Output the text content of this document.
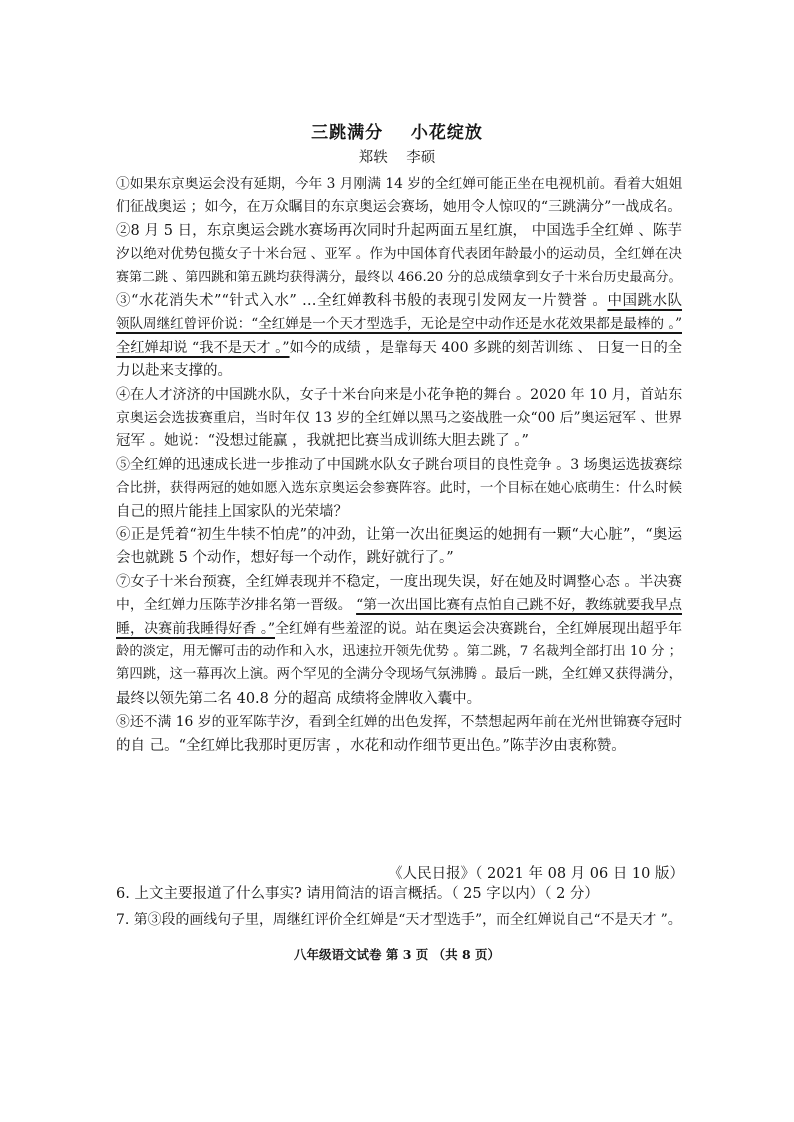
三跳满分    小花绽放
郑轶    李硕
①如果东京奥运会没有延期，今年 3 月刚满 14 岁的全红婵可能正坐在电视机前。看着大姐姐
们征战奥运 ；如今，在万众瞩目的东京奥运会赛场，她用令人惊叹的“三跳满分”一战成名。
②8 月 5 日，东京奥运会跳水赛场再次同时升起两面五星红旗， 中国选手全红婵 、陈芋
汐以绝对优势包揽女子十米台冠 、亚军 。作为中国体育代表团年龄最小的运动员，全红婵在决
赛第二跳 、第四跳和第五跳均获得满分，最终以 466.20 分的总成绩拿到女子十米台历史最高分。
③“水花消失术”“针式入水” …全红婵教科书般的表现引发网友一片赞誉 。中国跳水队
领队周继红曾评价说：“全红婵是一个天才型选手，无论是空中动作还是水花效果都是最棒的 。”
全红婵却说 “我不是天才 。”如今的成绩 ，是靠每天 400 多跳的刻苦训练 、 日复一日的全
力以赴来支撑的。
④在人才济济的中国跳水队，女子十米台向来是小花争艳的舞台 。2020 年 10 月，首站东
京奥运会选拔赛重启，当时年仅 13 岁的全红婵以黑马之姿战胜一众“00 后”奥运冠军 、世界
冠军 。她说：“没想过能赢 ，我就把比赛当成训练大胆去跳了 。”
⑤全红婵的迅速成长进一步推动了中国跳水队女子跳台项目的良性竞争 。3 场奥运选拔赛综
合比拼，获得两冠的她如愿入选东京奥运会参赛阵容。此时，一个目标在她心底萌生：什么时候
自己的照片能挂上国家队的光荣墙？
⑥正是凭着“初生牛犊不怕虎”的冲劲，让第一次出征奥运的她拥有一颗“大心脏”，“奥运
会也就跳 5 个动作，想好每一个动作，跳好就行了。”
⑦女子十米台预赛，全红婵表现并不稳定，一度出现失误，好在她及时调整心态 。半决赛
中，全红婵力压陈芋汐排名第一晋级。 “第一次出国比赛有点怕自己跳不好，教练就要我早点
睡，决赛前我睡得好香 。”全红婵有些羞涩的说。站在奥运会决赛跳台，全红婵展现出超乎年
龄的淡定，用无懈可击的动作和入水，迅速拉开领先优势 。第二跳，7 名裁判全部打出 10 分 ；
第四跳，这一幕再次上演。两个罕见的全满分令现场气氛沸腾 。最后一跳，全红婵又获得满分，
最终以领先第二名 40.8 分的超高 成绩将金牌收入囊中。
⑧还不满 16 岁的亚军陈芋汐，看到全红婵的出色发挥，不禁想起两年前在光州世锦赛夺冠时
的自 己。“全红婵比我那时更厉害 ，水花和动作细节更出色。”陈芋汐由衷称赞。
《人民日报》（ 2021 年 08 月 06 日 10 版）
6. 上文主要报道了什么事实? 请用简洁的语言概括。（ 25 字以内）（ 2 分）
7. 第③段的画线句子里，周继红评价全红婵是“天才型选手”，而全红婵说自己“不是天才 ”。
八年级语文试卷 第 3 页 （共 8 页）
